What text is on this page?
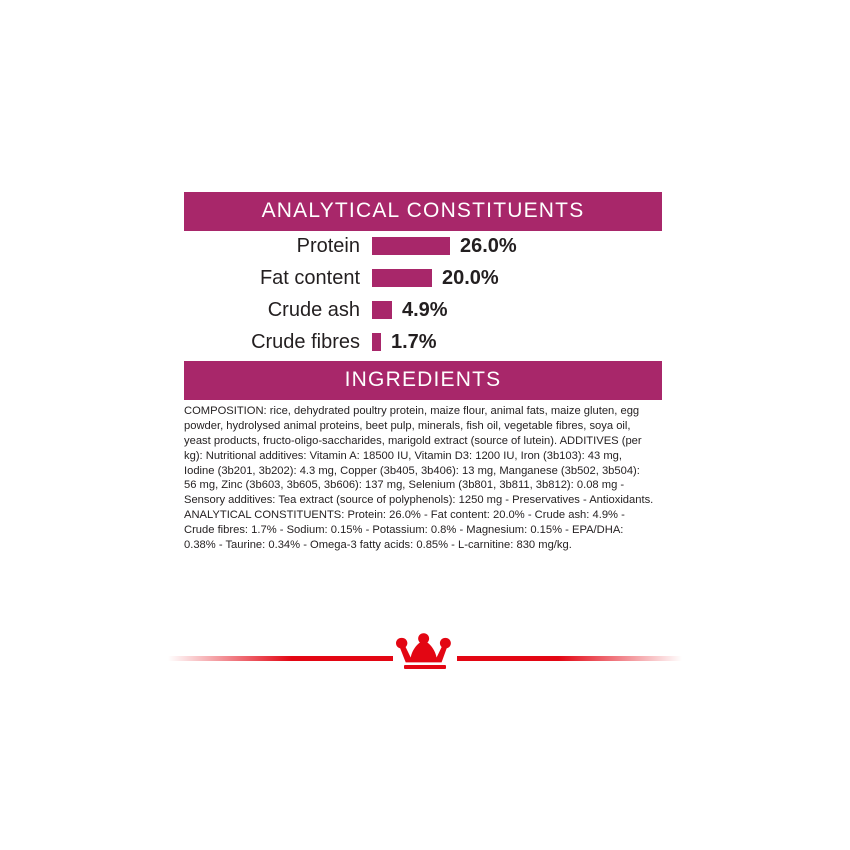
ANALYTICAL CONSTITUENTS
Protein	26.0%
Fat content	20.0%
Crude ash	4.9%
Crude fibres	1.7%
INGREDIENTS
COMPOSITION: rice, dehydrated poultry protein, maize flour, animal fats, maize gluten, egg powder, hydrolysed animal proteins, beet pulp, minerals, fish oil, vegetable fibres, soya oil, yeast products, fructo-oligo-saccharides, marigold extract (source of lutein). ADDITIVES (per kg): Nutritional additives: Vitamin A: 18500 IU, Vitamin D3: 1200 IU, Iron (3b103): 43 mg, Iodine (3b201, 3b202): 4.3 mg, Copper (3b405, 3b406): 13 mg, Manganese (3b502, 3b504): 56 mg, Zinc (3b603, 3b605, 3b606): 137 mg, Selenium (3b801, 3b811, 3b812): 0.08 mg - Sensory additives: Tea extract (source of polyphenols): 1250 mg - Preservatives - Antioxidants. ANALYTICAL CONSTITUENTS: Protein: 26.0% - Fat content: 20.0% - Crude ash: 4.9% - Crude fibres: 1.7% - Sodium: 0.15% - Potassium: 0.8% - Magnesium: 0.15% - EPA/DHA: 0.38% - Taurine: 0.34% - Omega-3 fatty acids: 0.85% - L-carnitine: 830 mg/kg.
